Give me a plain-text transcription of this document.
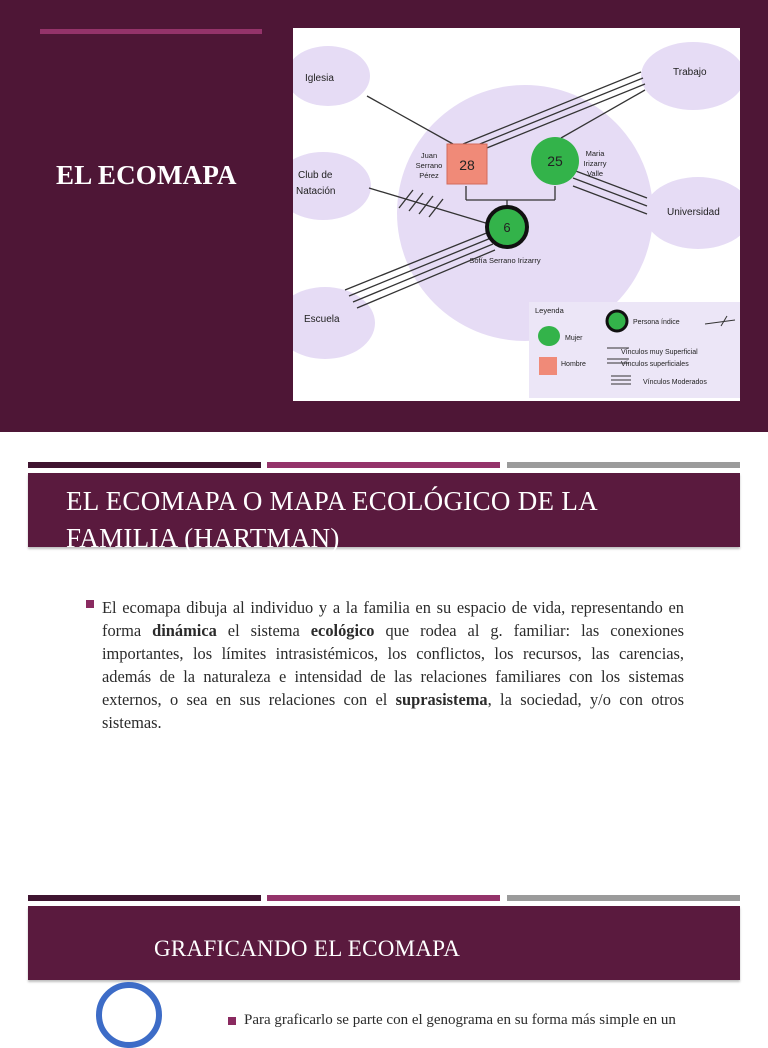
EL ECOMAPA	28
Juan
Serrano
Pérez
25	Maria
Irizarry
Valle
6
Sofía Serrano Irizarry
Iglesia
Trabajo
Club de
Natación
Universidad
Escuela
Leyenda
Persona índice
Mujer
Hombre
Vínculos muy Superficial
Vínculos superficiales
Vínculos Moderados
EL ECOMAPA O MAPA ECOLÓGICO DE LA
FAMILIA (HARTMAN)
El ecomapa dibuja al individuo y a la familia en su espacio de vida, representando en forma dinámica el sistema ecológico que rodea al g. familiar: las conexiones importantes, los límites intrasistémicos, los conflictos, los recursos, las carencias, además de la naturaleza e intensidad de las relaciones familiares con los sistemas externos, o sea en sus relaciones con el suprasistema, la sociedad, y/o con otros sistemas.
GRAFICANDO EL ECOMAPA
Para graficarlo se parte con el genograma en su forma más simple en un
